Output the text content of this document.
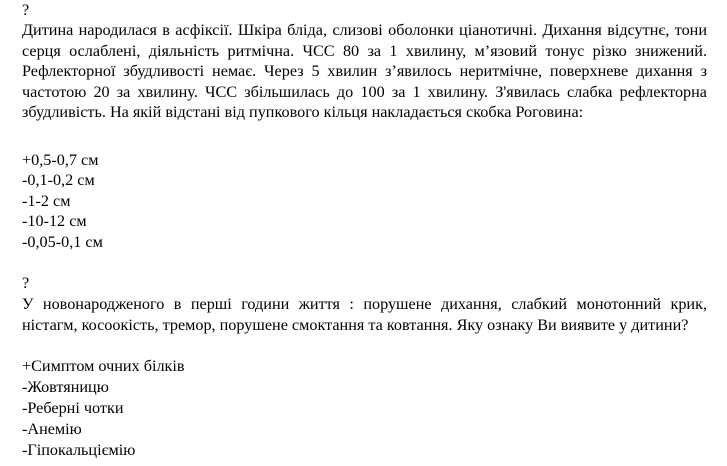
?
Дитина народилася в асфіксії. Шкіра бліда, слизові оболонки ціанотичні. Дихання відсутнє, тони серця ослаблені, діяльність ритмічна. ЧСС 80 за 1 хвилину, м’язовий тонус різко знижений. Рефлекторної збудливості немає. Через 5 хвилин з’явилось неритмічне, поверхневе дихання з частотою 20 за хвилину. ЧСС збільшилась до 100 за 1 хвилину. З'явилась слабка рефлекторна збудливість. На якій відстані від пупкового кільця накладається скобка Роговина:
+0,5-0,7 см
-0,1-0,2 см
-1-2 см
-10-12 см
-0,05-0,1 см
?
У новонародженого в перші години життя : порушене дихання, слабкий монотонний крик, ністагм, косоокість, тремор, порушене смоктання та ковтання. Яку ознаку Ви виявите у дитини?
+Симптом очних білків
-Жовтяницю
-Реберні чотки
-Анемію
-Гіпокальціємію
